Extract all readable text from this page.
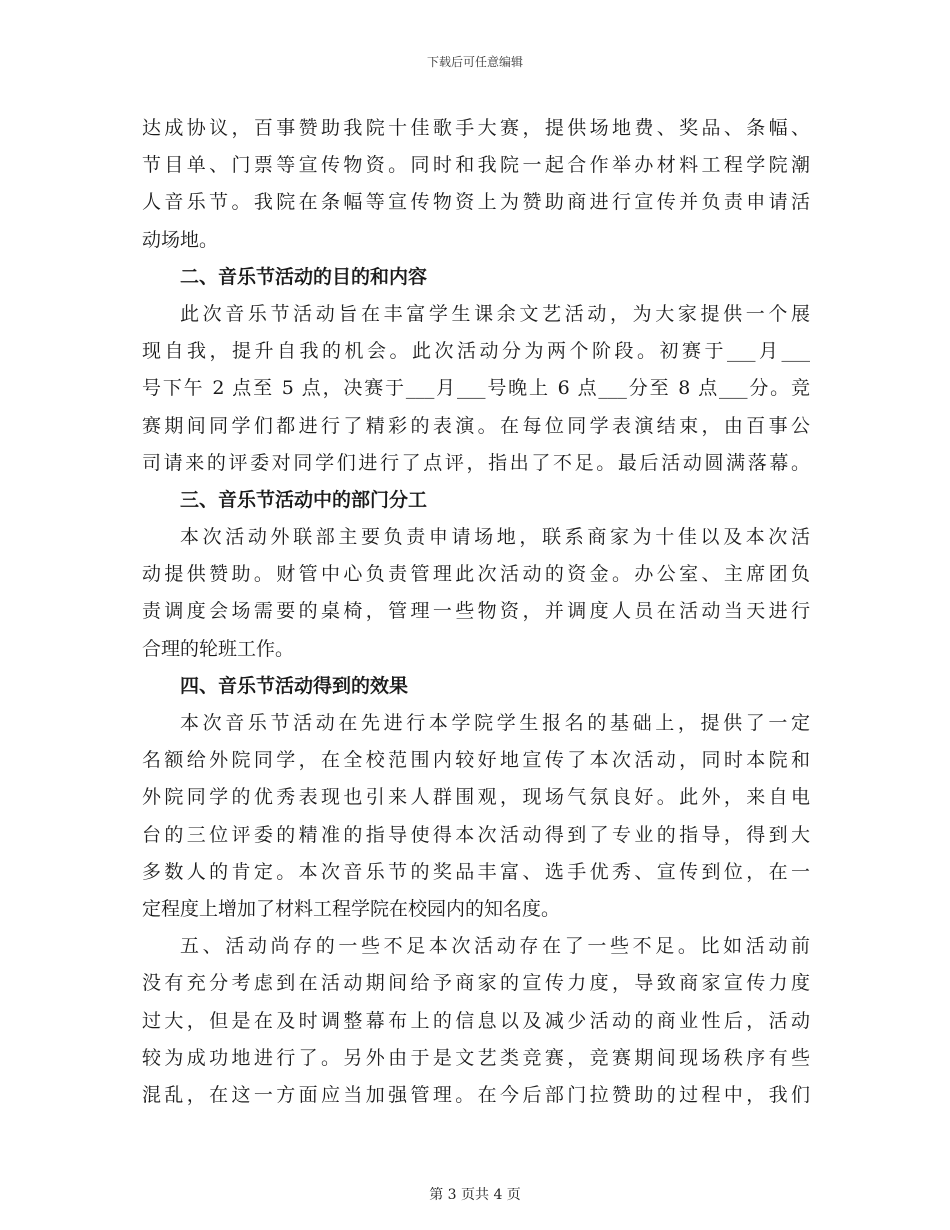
下载后可任意编辑
达成协议，百事赞助我院十佳歌手大赛，提供场地费、奖品、条幅、
节目单、门票等宣传物资。同时和我院一起合作举办材料工程学院潮
人音乐节。我院在条幅等宣传物资上为赞助商进行宣传并负责申请活
动场地。
二、音乐节活动的目的和内容
此次音乐节活动旨在丰富学生课余文艺活动，为大家提供一个展
现自我，提升自我的机会。此次活动分为两个阶段。初赛于___月___
号下午 2 点至 5 点，决赛于___月___号晚上 6 点___分至 8 点___分。竞
赛期间同学们都进行了精彩的表演。在每位同学表演结束，由百事公
司请来的评委对同学们进行了点评，指出了不足。最后活动圆满落幕。
三、音乐节活动中的部门分工
本次活动外联部主要负责申请场地，联系商家为十佳以及本次活
动提供赞助。财管中心负责管理此次活动的资金。办公室、主席团负
责调度会场需要的桌椅，管理一些物资，并调度人员在活动当天进行
合理的轮班工作。
四、音乐节活动得到的效果
本次音乐节活动在先进行本学院学生报名的基础上，提供了一定
名额给外院同学，在全校范围内较好地宣传了本次活动，同时本院和
外院同学的优秀表现也引来人群围观，现场气氛良好。此外，来自电
台的三位评委的精准的指导使得本次活动得到了专业的指导，得到大
多数人的肯定。本次音乐节的奖品丰富、选手优秀、宣传到位，在一
定程度上增加了材料工程学院在校园内的知名度。
五、活动尚存的一些不足本次活动存在了一些不足。比如活动前
没有充分考虑到在活动期间给予商家的宣传力度，导致商家宣传力度
过大，但是在及时调整幕布上的信息以及减少活动的商业性后，活动
较为成功地进行了。另外由于是文艺类竞赛，竞赛期间现场秩序有些
混乱，在这一方面应当加强管理。在今后部门拉赞助的过程中，我们
第 3 页共 4 页
